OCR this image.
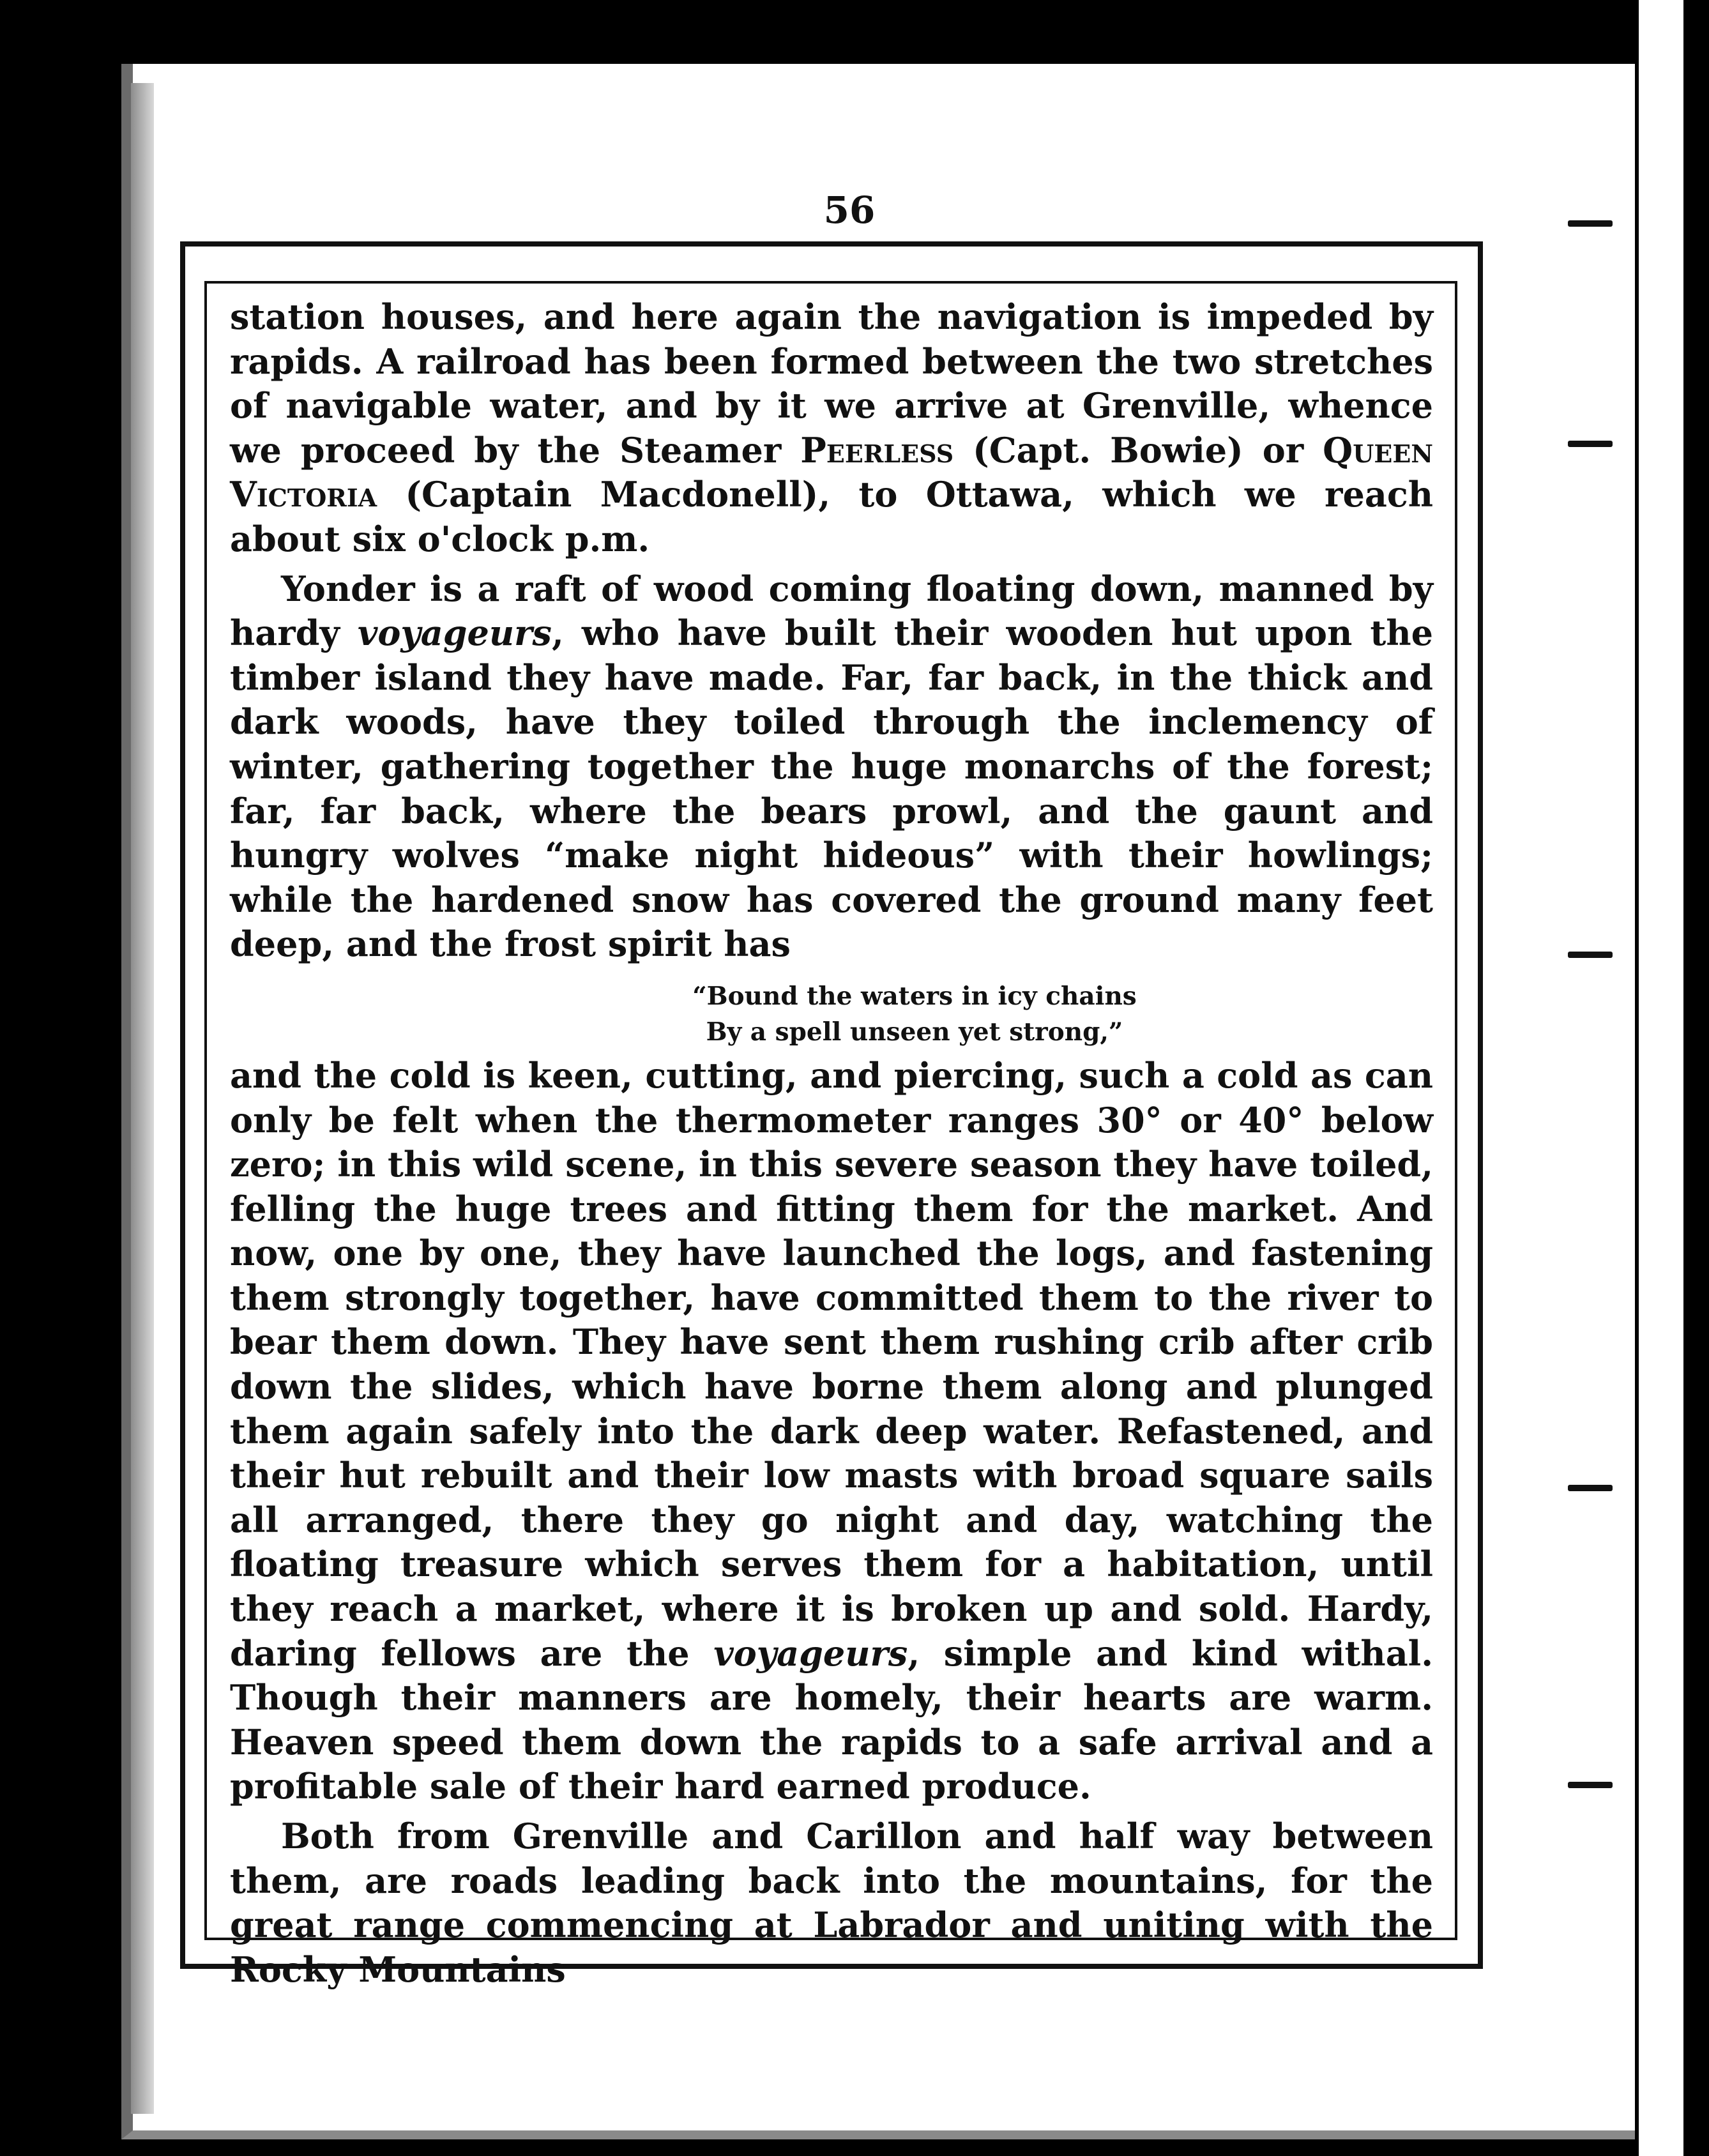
56

station houses, and here again the navigation is impeded by rapids. A railroad has been formed between the two stretches of navigable water, and by it we arrive at Grenville, whence we proceed by the Steamer Peerless (Capt. Bowie) or Queen Victoria (Captain Macdonell), to Ottawa, which we reach about six o'clock p.m.

Yonder is a raft of wood coming floating down, manned by hardy voyageurs, who have built their wooden hut upon the timber island they have made. Far, far back, in the thick and dark woods, have they toiled through the inclemency of winter, gathering together the huge monarchs of the forest; far, far back, where the bears prowl, and the gaunt and hungry wolves “make night hideous” with their howlings; while the hardened snow has covered the ground many feet deep, and the frost spirit has

“Bound the waters in icy chains
By a spell unseen yet strong,”

and the cold is keen, cutting, and piercing, such a cold as can only be felt when the thermometer ranges 30° or 40° below zero; in this wild scene, in this severe season they have toiled, felling the huge trees and fitting them for the market. And now, one by one, they have launched the logs, and fastening them strongly together, have committed them to the river to bear them down. They have sent them rushing crib after crib down the slides, which have borne them along and plunged them again safely into the dark deep water. Refastened, and their hut rebuilt and their low masts with broad square sails all arranged, there they go night and day, watching the floating treasure which serves them for a habitation, until they reach a market, where it is broken up and sold. Hardy, daring fellows are the voyageurs, simple and kind withal. Though their manners are homely, their hearts are warm. Heaven speed them down the rapids to a safe arrival and a profitable sale of their hard earned produce.

Both from Grenville and Carillon and half way between them, are roads leading back into the mountains, for the great range commencing at Labrador and uniting with the Rocky Mountains
